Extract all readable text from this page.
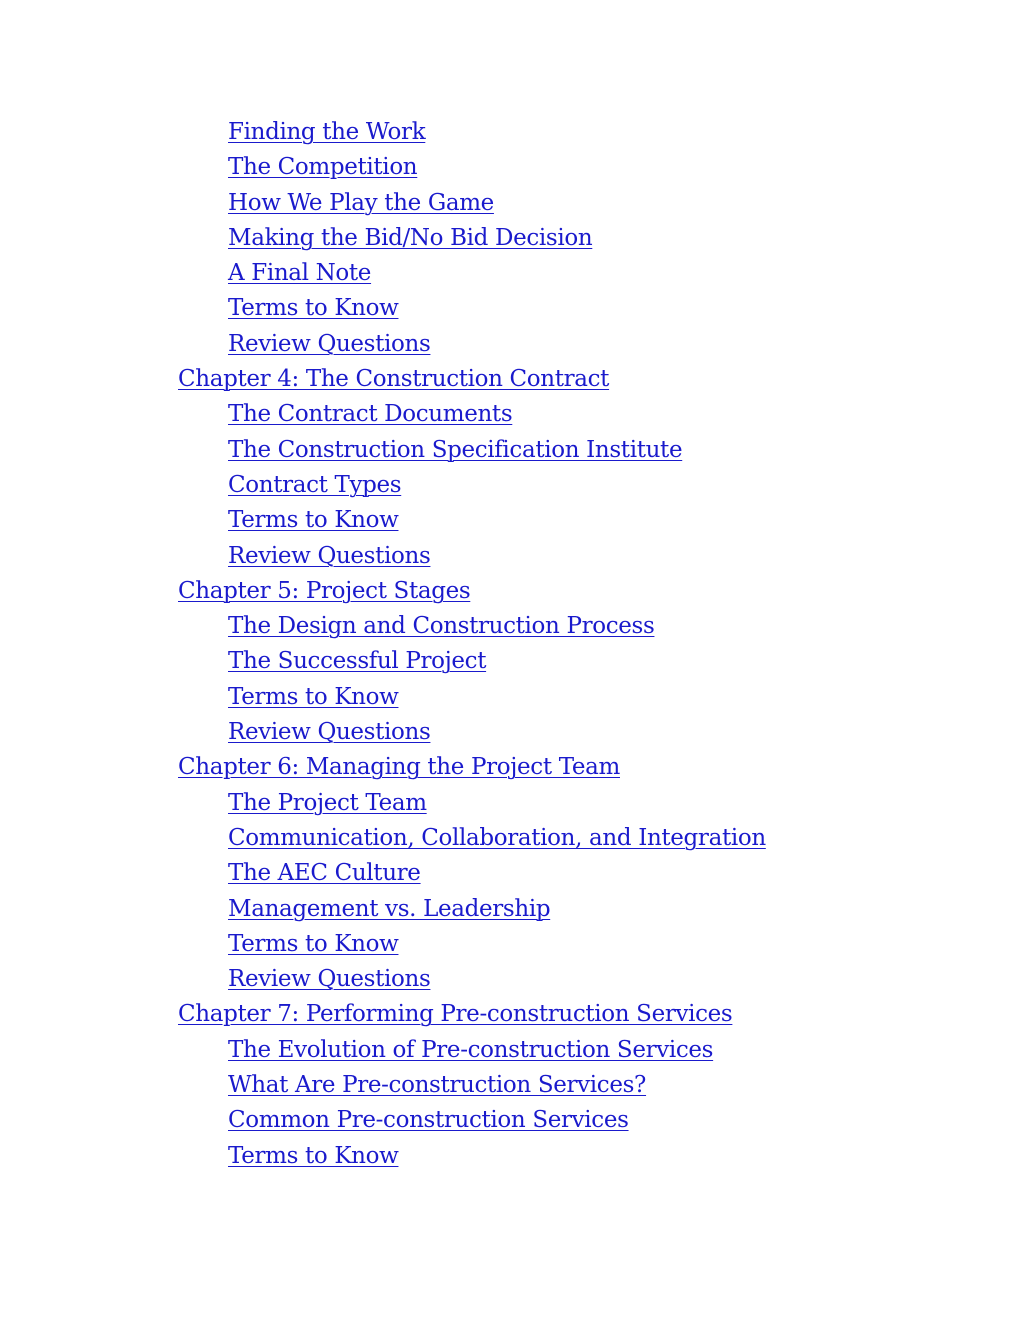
Finding the Work
The Competition
How We Play the Game
Making the Bid/No Bid Decision
A Final Note
Terms to Know
Review Questions
Chapter 4: The Construction Contract
The Contract Documents
The Construction Specification Institute
Contract Types
Terms to Know
Review Questions
Chapter 5: Project Stages
The Design and Construction Process
The Successful Project
Terms to Know
Review Questions
Chapter 6: Managing the Project Team
The Project Team
Communication, Collaboration, and Integration
The AEC Culture
Management vs. Leadership
Terms to Know
Review Questions
Chapter 7: Performing Pre-construction Services
The Evolution of Pre-construction Services
What Are Pre-construction Services?
Common Pre-construction Services
Terms to Know
